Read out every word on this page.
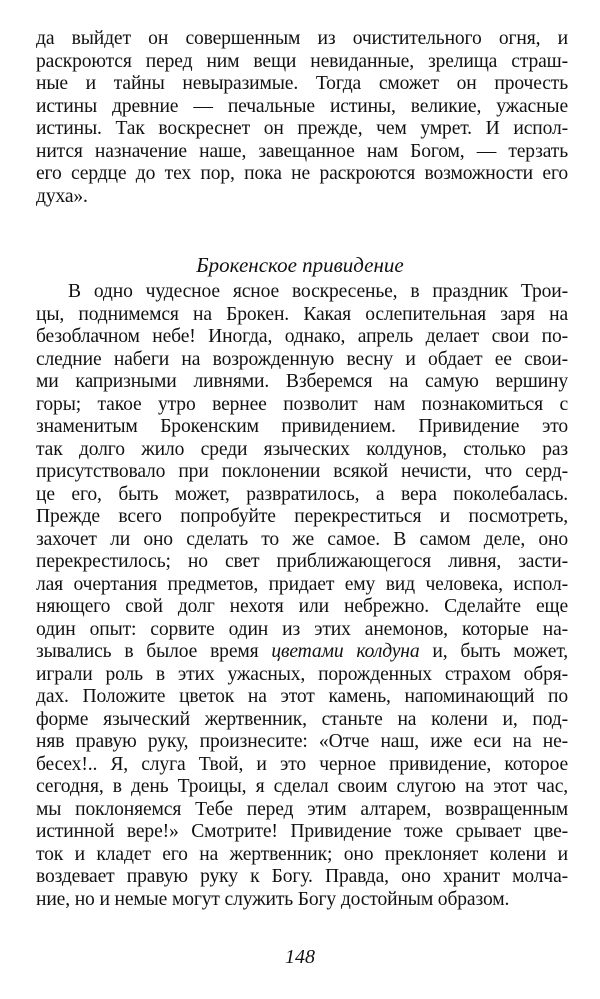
да выйдет он совершенным из очистительного огня, и
раскроются перед ним вещи невиданные, зрелища страш-
ные и тайны невыразимые. Тогда сможет он прочесть
истины древние — печальные истины, великие, ужасные
истины. Так воскреснет он прежде, чем умрет. И испол-
нится назначение наше, завещанное нам Богом, — терзать
его сердце до тех пор, пока не раскроются возможности его
духа».
Брокенское привидение
В одно чудесное ясное воскресенье, в праздник Трои-
цы, поднимемся на Брокен. Какая ослепительная заря на
безоблачном небе! Иногда, однако, апрель делает свои по-
следние набеги на возрожденную весну и обдает ее свои-
ми капризными ливнями. Взберемся на самую вершину
горы; такое утро вернее позволит нам познакомиться с
знаменитым Брокенским привидением. Привидение это
так долго жило среди языческих колдунов, столько раз
присутствовало при поклонении всякой нечисти, что серд-
це его, быть может, развратилось, а вера поколебалась.
Прежде всего попробуйте перекреститься и посмотреть,
захочет ли оно сделать то же самое. В самом деле, оно
перекрестилось; но свет приближающегося ливня, засти-
лая очертания предметов, придает ему вид человека, испол-
няющего свой долг нехотя или небрежно. Сделайте еще
один опыт: сорвите один из этих анемонов, которые на-
зывались в былое время цветами колдуна и, быть может,
играли роль в этих ужасных, порожденных страхом обря-
дах. Положите цветок на этот камень, напоминающий по
форме языческий жертвенник, станьте на колени и, под-
няв правую руку, произнесите: «Отче наш, иже еси на не-
бесех!.. Я, слуга Твой, и это черное привидение, которое
сегодня, в день Троицы, я сделал своим слугою на этот час,
мы поклоняемся Тебе перед этим алтарем, возвращенным
истинной вере!» Смотрите! Привидение тоже срывает цве-
ток и кладет его на жертвенник; оно преклоняет колени и
воздевает правую руку к Богу. Правда, оно хранит молча-
ние, но и немые могут служить Богу достойным образом.
148
